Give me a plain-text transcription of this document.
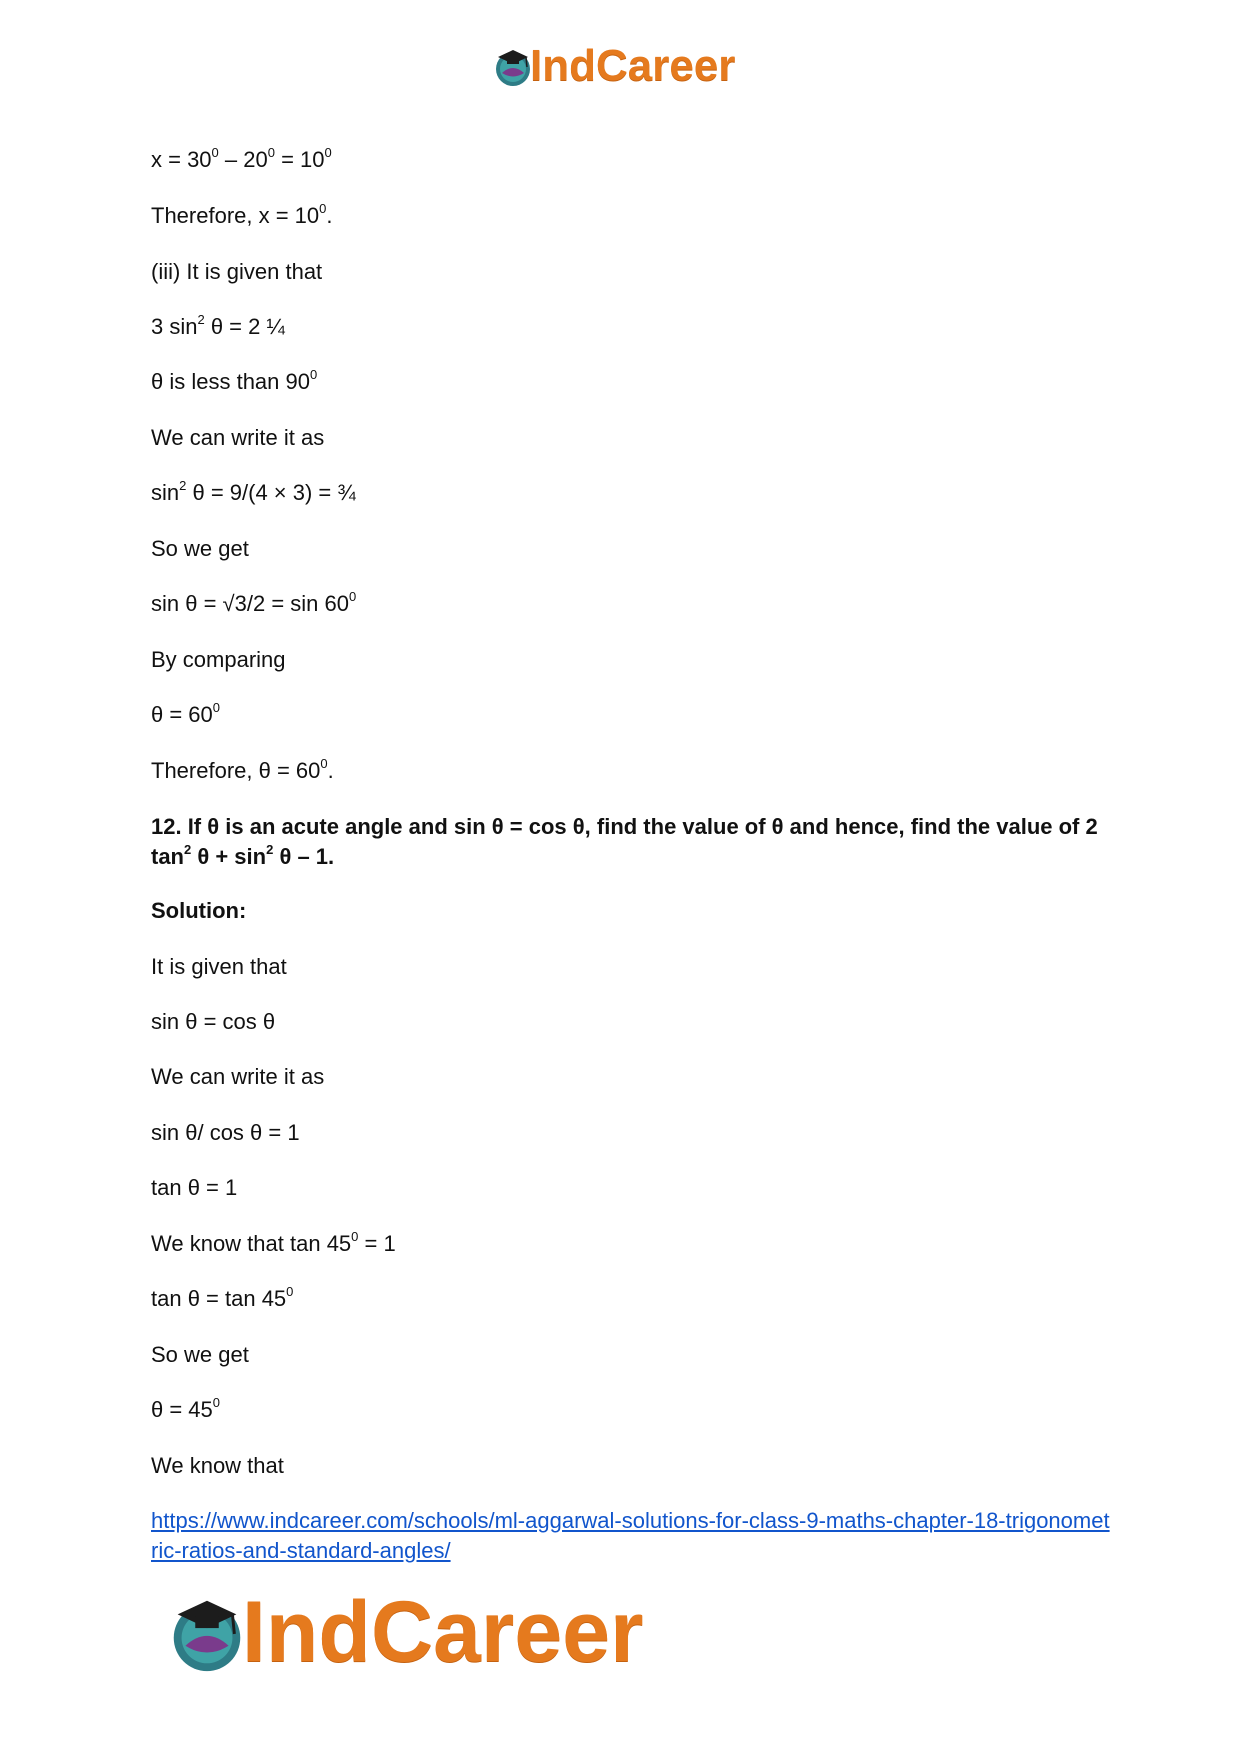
IndCareer

$x = 30^0 - 20^0 = 10^0$

Therefore, $x = 10^0$.

(iii) It is given that

3 $\sin^2 \theta = 2$ ¼

θ is less than $90^0$

We can write it as

$\sin^2 \theta = 9/(4 \times 3)$ = ¾

So we get

$\sin \theta = √3/2 = \sin 60^0$

By comparing

$\theta = 60^0$

Therefore, $\theta = 60^0$.

12. If θ is an acute angle and sin θ = cos θ, find the value of θ and hence, find the value of 2 $\tan^2 \theta + \sin^2 \theta - 1$.

Solution:

It is given that

sin θ = cos θ

We can write it as

sin θ/ cos θ = 1

tan θ = 1

We know that $\tan 45^0 = 1$

$\tan \theta = \tan 45^0$

So we get

$\theta = 45^0$

We know that

https://www.indcareer.com/schools/ml-aggarwal-solutions-for-class-9-maths-chapter-18-trigonometric-ratios-and-standard-angles/
IndCareer
